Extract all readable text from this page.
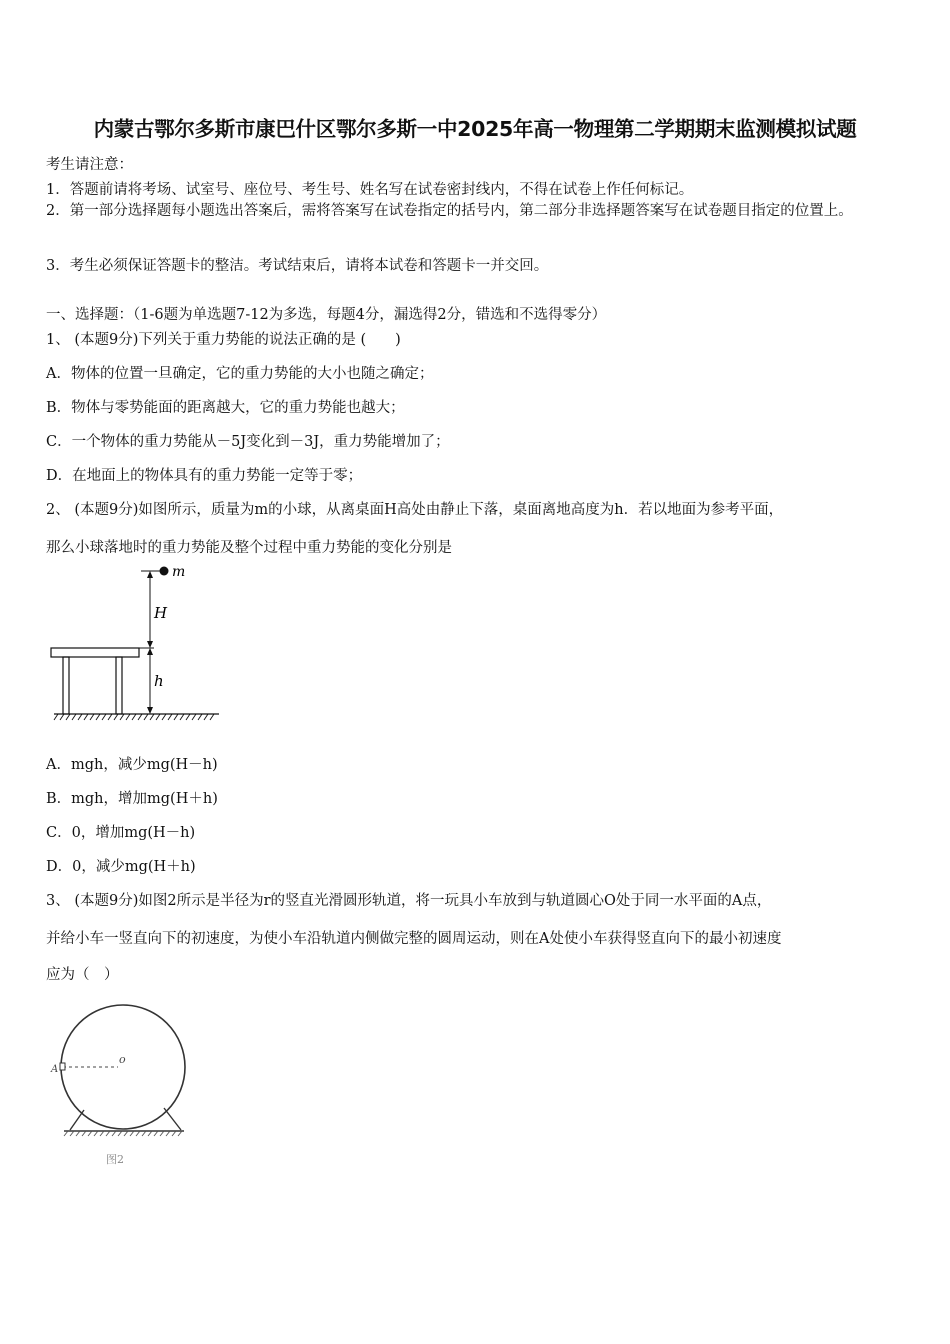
内蒙古鄂尔多斯市康巴什区鄂尔多斯一中2025年高一物理第二学期期末监测模拟试题
考生请注意：
1．答题前请将考场、试室号、座位号、考生号、姓名写在试卷密封线内，不得在试卷上作任何标记。
2．第一部分选择题每小题选出答案后，需将答案写在试卷指定的括号内，第二部分非选择题答案写在试卷题目指定的位置上。
3．考生必须保证答题卡的整洁。考试结束后，请将本试卷和答题卡一并交回。
一、选择题：（1-6题为单选题7-12为多选，每题4分，漏选得2分，错选和不选得零分）
1、 (本题9分)下列关于重力势能的说法正确的是 (　　)
A．物体的位置一旦确定，它的重力势能的大小也随之确定；
B．物体与零势能面的距离越大，它的重力势能也越大；
C．一个物体的重力势能从－5J变化到－3J，重力势能增加了；
D．在地面上的物体具有的重力势能一定等于零；
2、 (本题9分)如图所示，质量为m的小球，从离桌面H高处由静止下落，桌面离地高度为h．若以地面为参考平面，
那么小球落地时的重力势能及整个过程中重力势能的变化分别是
m
H
h
A．mgh，减少mg(H－h)
B．mgh，增加mg(H＋h)
C．0，增加mg(H－h)
D．0，减少mg(H＋h)
3、 (本题9分)如图2所示是半径为r的竖直光滑圆形轨道，将一玩具小车放到与轨道圆心O处于同一水平面的A点，
并给小车一竖直向下的初速度，为使小车沿轨道内侧做完整的圆周运动，则在A处使小车获得竖直向下的最小初速度
应为（　）
A
o
图2
